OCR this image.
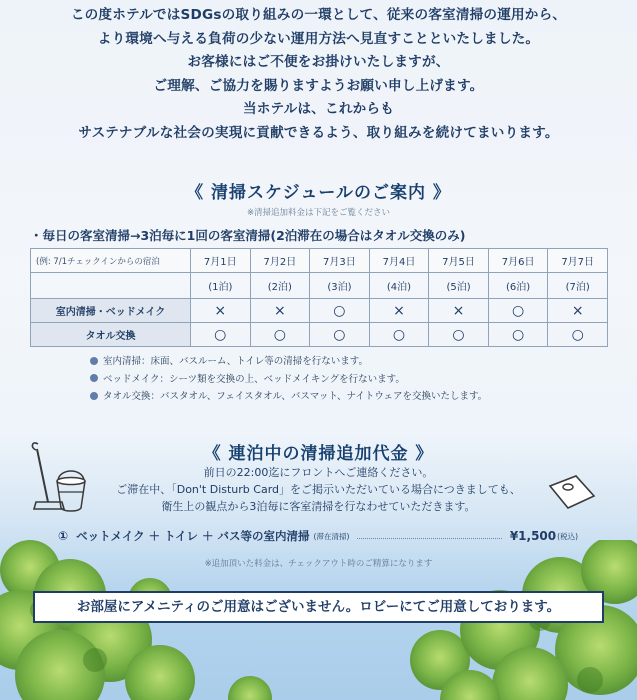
この度ホテルではSDGsの取り組みの一環として、従来の客室清掃の運用から、

より環境へ与える負荷の少ない運用方法へ見直すことといたしました。

お客様にはご不便をお掛けいたしますが、

ご理解、ご協力を賜りますようお願い申し上げます。

当ホテルは、これからも

サステナブルな社会の実現に貢献できるよう、取り組みを続けてまいります。

《 清掃スケジュールのご案内 》
※清掃追加料金は下記をご覧ください
・毎日の客室清掃→3泊毎に1回の客室清掃(2泊滞在の場合はタオル交換のみ)
(例: 7/1チェックインからの宿泊	7月1日	7月2日	7月3日	7月4日	7月5日	7月6日	7月7日
	(1泊)	(2泊)	(3泊)	(4泊)	(5泊)	(6泊)	(7泊)
室内清掃・ベッドメイク	×	×	○	×	×	○	×
タオル交換	○	○	○	○	○	○	○
室内清掃：床面、バスルーム、トイレ等の清掃を行ないます。
ベッドメイク：シーツ類を交換の上、ベッドメイキングを行ないます。
タオル交換：バスタオル、フェイスタオル、バスマット、ナイトウェアを交換いたします。
《 連泊中の清掃追加代金 》
前日の22:00迄にフロントへご連絡ください。
ご滞在中、「Don't Disturb Card」をご掲示いただいている場合につきましても、
衛生上の観点から3泊毎に客室清掃を行なわせていただきます。
① ベットメイク ＋ トイレ ＋ バス等の室内清掃 (滞在清掃)	¥1,500 (税込)
※追加頂いた料金は、チェックアウト時のご精算になります
お部屋にアメニティのご用意はございません。ロビーにてご用意しております。
